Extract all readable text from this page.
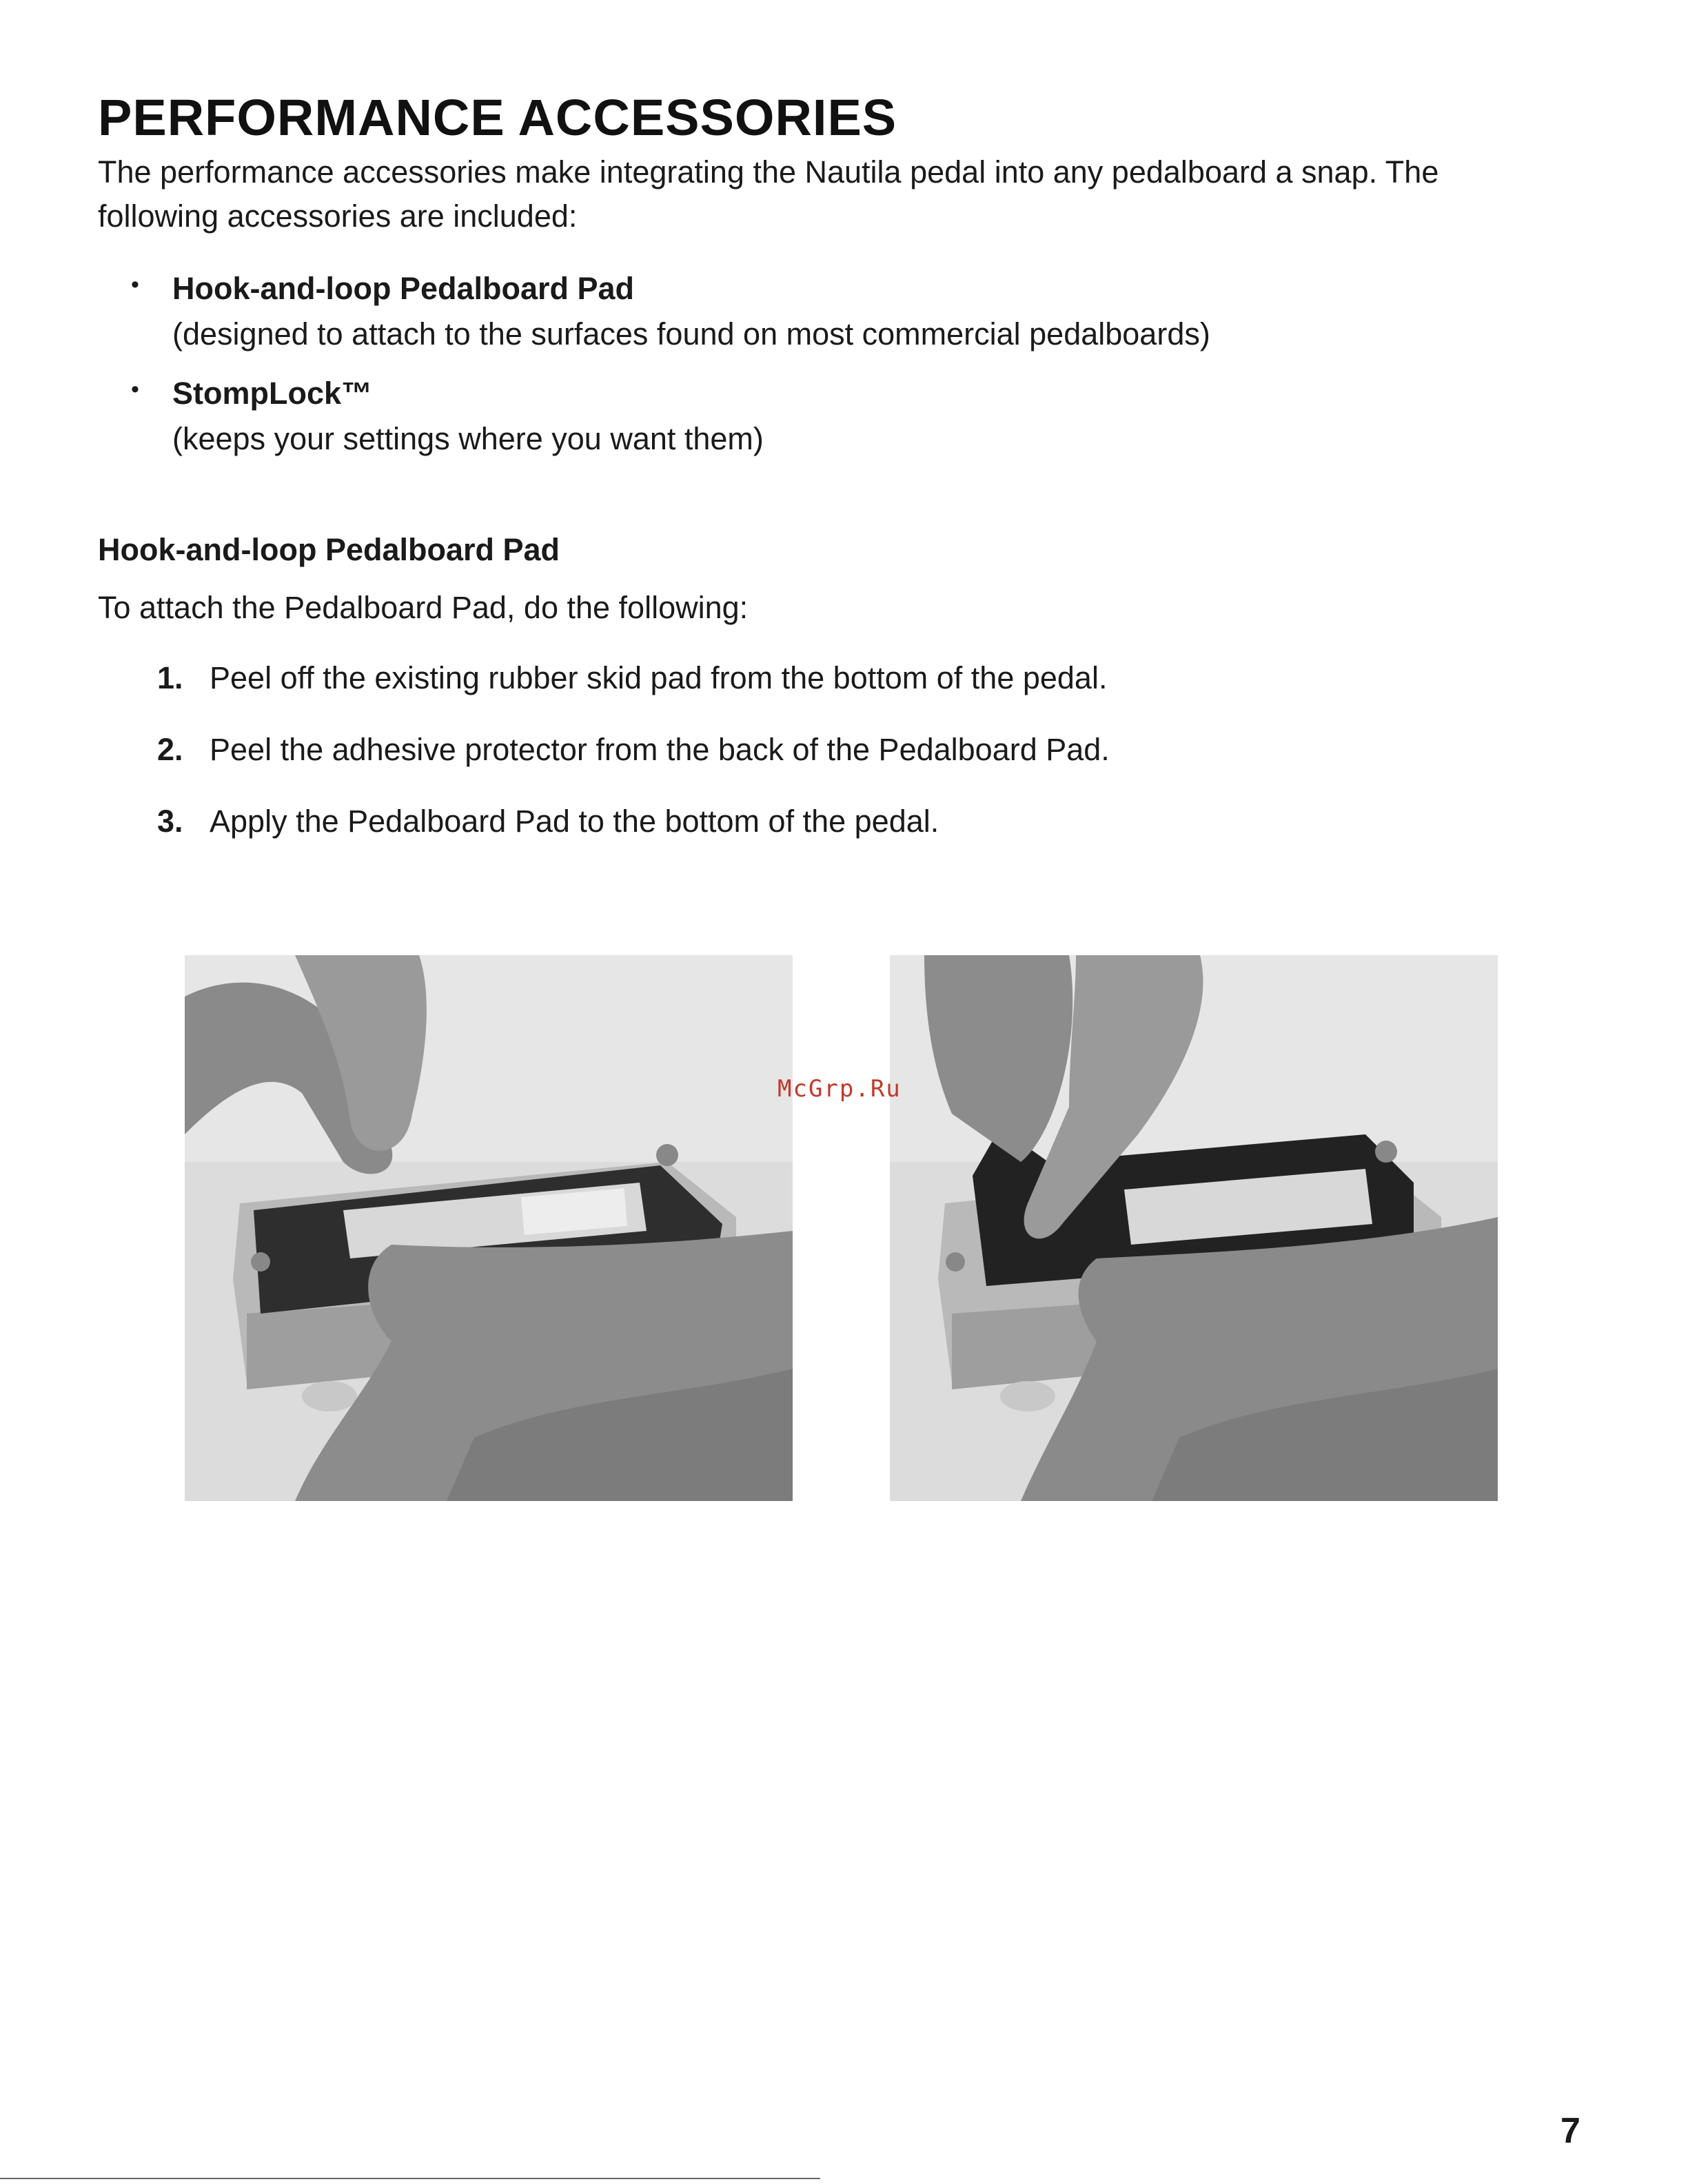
PERFORMANCE ACCESSORIES
The performance accessories make integrating the Nautila pedal into any pedalboard a snap. The following accessories are included:
• Hook-and-loop Pedalboard Pad
(designed to attach to the surfaces found on most commercial pedalboards)
• StompLock™
(keeps your settings where you want them)
Hook-and-loop Pedalboard Pad
To attach the Pedalboard Pad, do the following:
1. Peel off the existing rubber skid pad from the bottom of the pedal.
2. Peel the adhesive protector from the back of the Pedalboard Pad.
3. Apply the Pedalboard Pad to the bottom of the pedal.
McGrp.Ru
7
